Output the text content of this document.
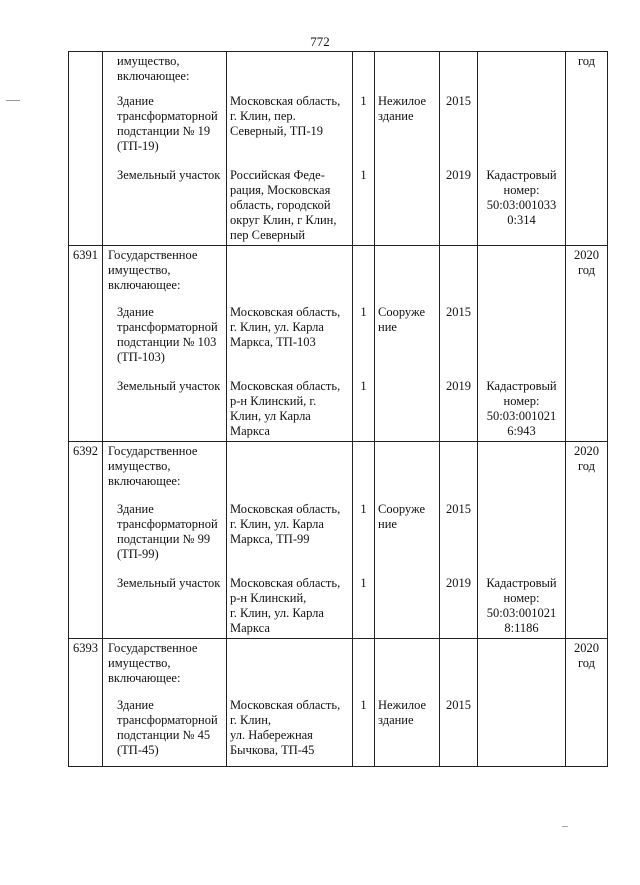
772
	имущество,
включающее:						год
	Здание
трансформаторной
подстанции № 19
(ТП-19)	Московская область,
г. Клин, пер.
Северный, ТП-19	1	Нежилое
здание	2015		
	Земельный участок	Российская Феде-
рация, Московская
область, городской
округ Клин, г Клин,
пер Северный	1		2019	Кадастровый
номер:
50:03:001033
0:314	
6391	Государственное
имущество,
включающее:						2020
год
	Здание
трансформаторной
подстанции № 103
(ТП-103)	Московская область,
г. Клин, ул. Карла
Маркса, ТП-103	1	Сооруже
ние	2015		
	Земельный участок	Московская область,
р-н Клинский, г.
Клин, ул Карла
Маркса	1		2019	Кадастровый
номер:
50:03:001021
6:943	
6392	Государственное
имущество,
включающее:						2020
год
	Здание
трансформаторной
подстанции № 99
(ТП-99)	Московская область,
г. Клин, ул. Карла
Маркса, ТП-99	1	Сооруже
ние	2015		
	Земельный участок	Московская область,
р-н Клинский,
г. Клин, ул. Карла
Маркса	1		2019	Кадастровый
номер:
50:03:001021
8:1186	
6393	Государственное
имущество,
включающее:						2020
год
	Здание
трансформаторной
подстанции № 45
(ТП-45)	Московская область,
г. Клин,
ул. Набережная
Бычкова, ТП-45	1	Нежилое
здание	2015		
